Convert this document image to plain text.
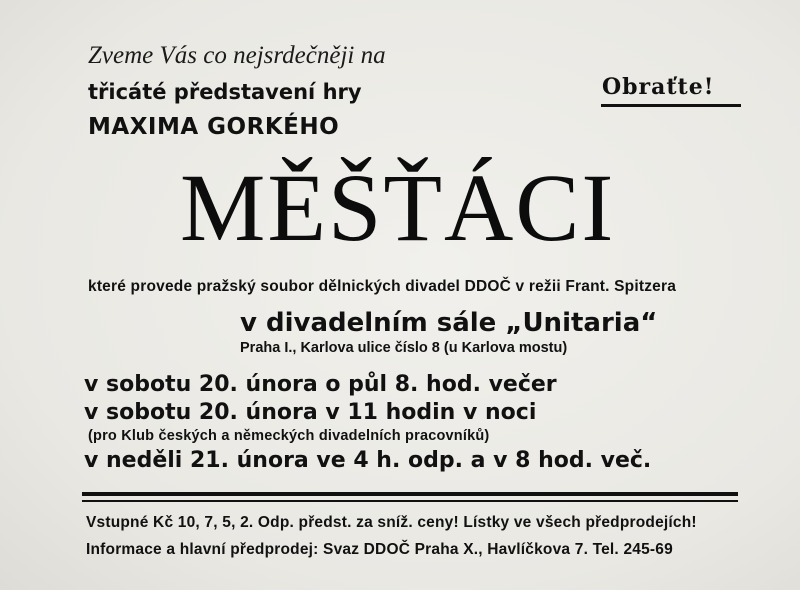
Zveme Vás co nejsrdečněji na
třicáté představení hry
MAXIMA GORKÉHO
Obraťte!
MĚŠŤÁCI
které provede pražský soubor dělnických divadel DDOČ v režii Frant. Spitzera
v divadelním sále „Unitaria“
Praha I., Karlova ulice číslo 8 (u Karlova mostu)
v sobotu 20. února o půl 8. hod. večer
v sobotu 20. února v 11 hodin v noci
(pro Klub českých a německých divadelních pracovníků)
v neděli 21. února ve 4 h. odp. a v 8 hod. več.
Vstupné Kč 10, 7, 5, 2. Odp. předst. za sníž. ceny! Lístky ve všech předprodejích!
Informace a hlavní předprodej: Svaz DDOČ Praha X., Havlíčkova 7. Tel. 245-69
